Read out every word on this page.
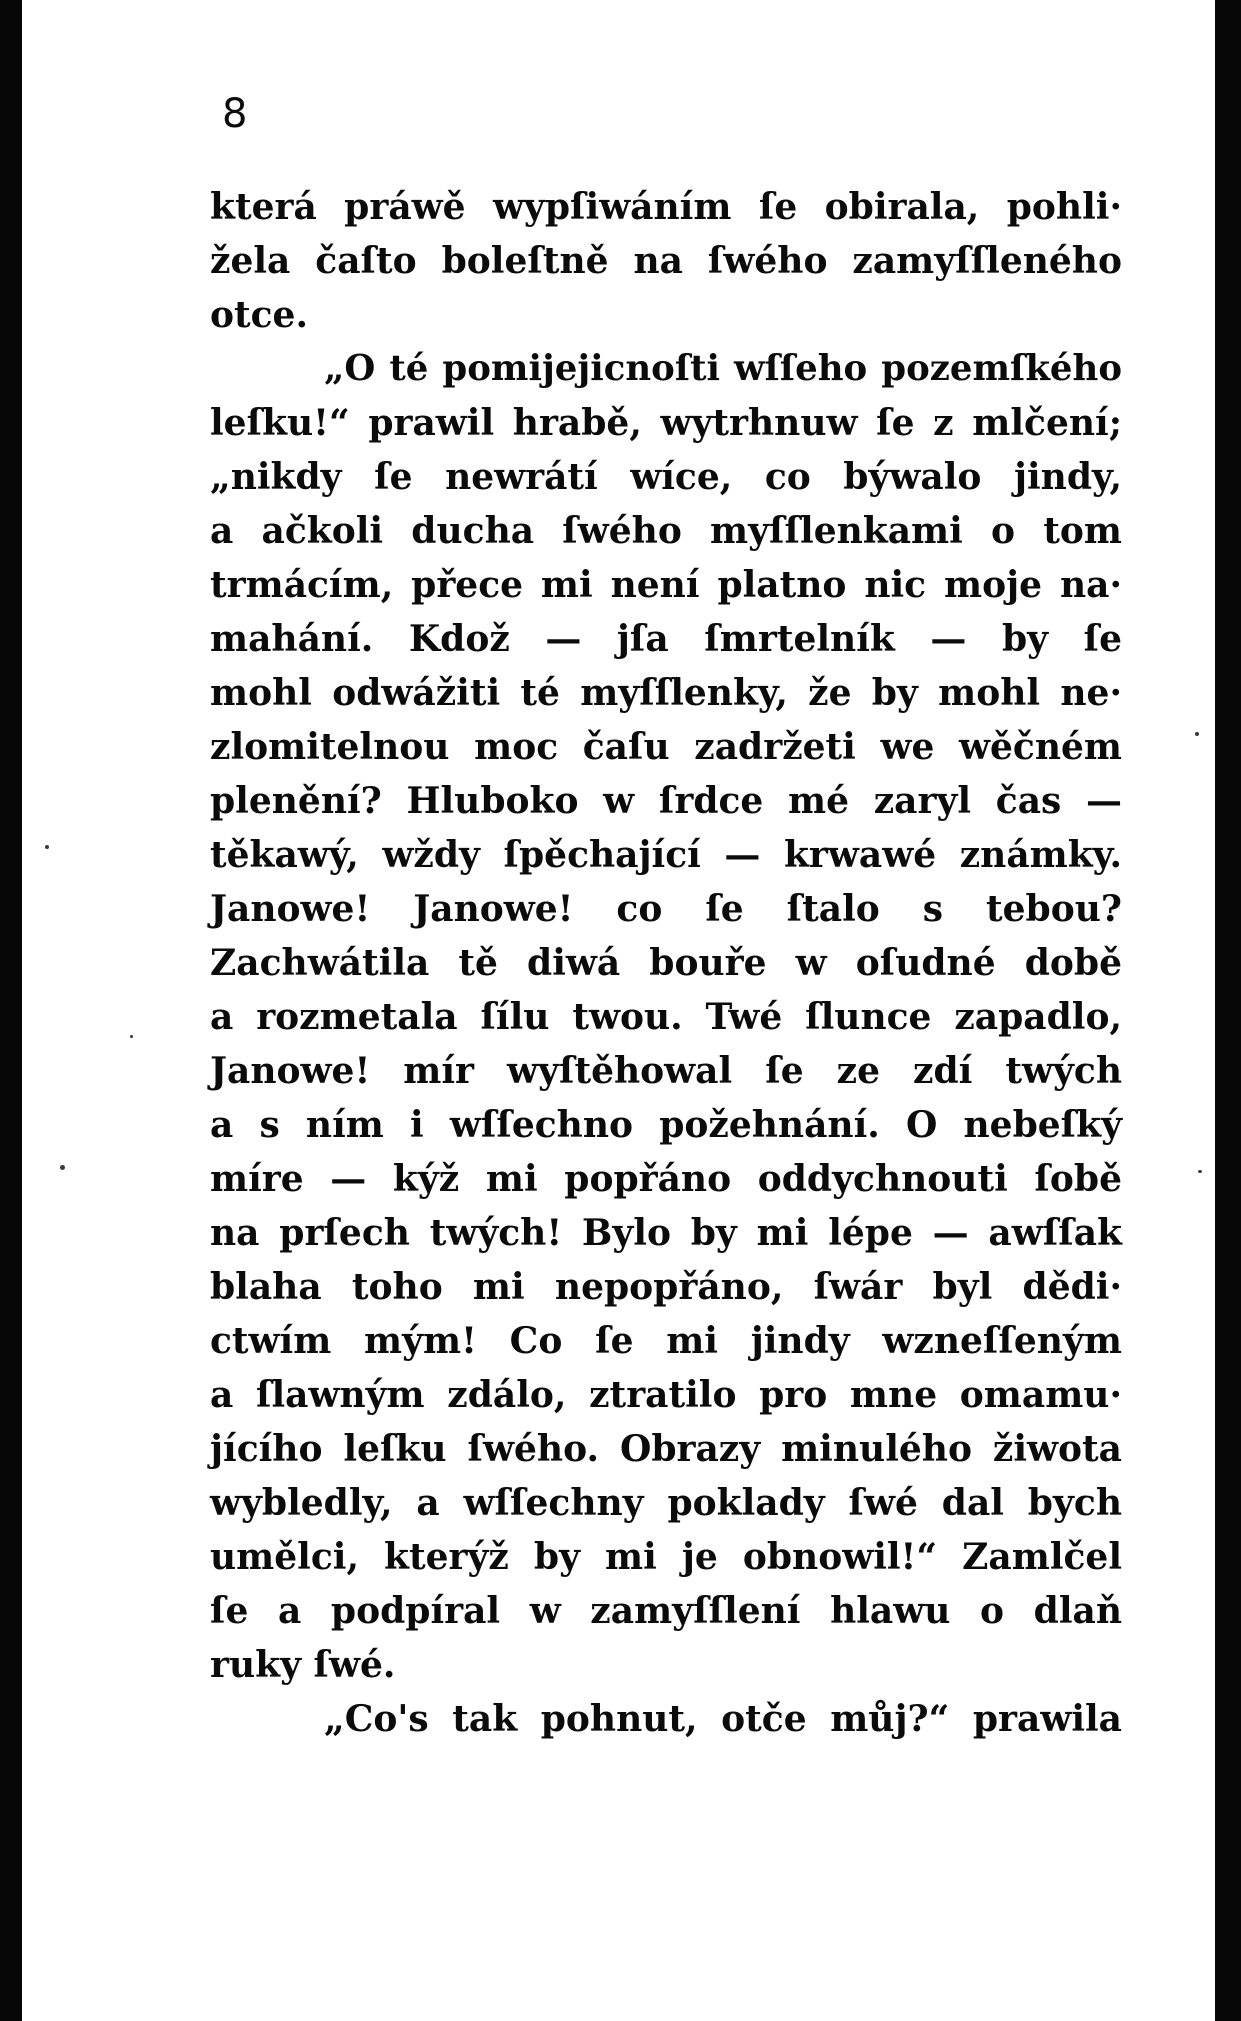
8
která práwě wypſiwáním ſe obirala, pohli·
žela čaſto boleſtně na ſwého zamyſſleného
otce.
„O té pomijejicnoſti wſſeho pozemſkého
leſku!“ prawil hrabě, wytrhnuw ſe z mlčení;
„nikdy ſe newrátí wíce, co býwalo jindy,
a ačkoli ducha ſwého myſſlenkami o tom
trmácím, přece mi není platno nic moje na·
mahání. Kdož — jſa ſmrtelník — by ſe
mohl odwážiti té myſſlenky, že by mohl ne·
zlomitelnou moc čaſu zadržeti we wěčném
plenění? Hluboko w ſrdce mé zaryl čas —
těkawý, wždy ſpěchající — krwawé známky.
Janowe! Janowe! co ſe ſtalo s tebou?
Zachwátila tě diwá bouře w oſudné době
a rozmetala ſílu twou. Twé ſlunce zapadlo,
Janowe! mír wyſtěhowal ſe ze zdí twých
a s ním i wſſechno požehnání. O nebeſký
míre — kýž mi popřáno oddychnouti ſobě
na prſech twých! Bylo by mi lépe — awſſak
blaha toho mi nepopřáno, ſwár byl dědi·
ctwím mým! Co ſe mi jindy wzneſſeným
a ſlawným zdálo, ztratilo pro mne omamu·
jícího leſku ſwého. Obrazy minulého žiwota
wybledly, a wſſechny poklady ſwé dal bych
umělci, kterýž by mi je obnowil!“ Zamlčel
ſe a podpíral w zamyſſlení hlawu o dlaň
ruky ſwé.
„Co's tak pohnut, otče můj?“ prawila
